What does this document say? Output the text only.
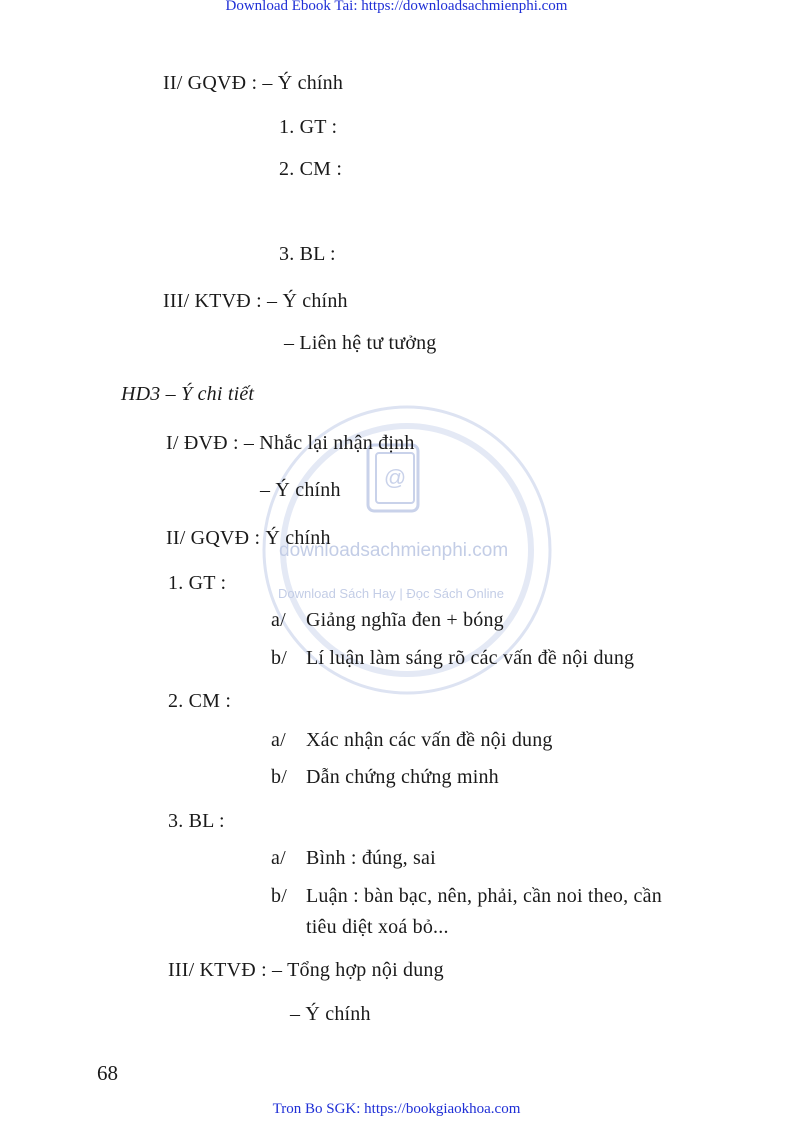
Download Ebook Tai: https://downloadsachmienphi.com
@
downloadsachmienphi.com
Download Sách Hay | Đọc Sách Online
II/ GQVĐ : – Ý chính
1. GT :
2. CM :
3. BL :
III/ KTVĐ : – Ý chính
– Liên hệ tư tưởng
HD3 – Ý chi tiết
I/ ĐVĐ : – Nhắc lại nhận định
– Ý chính
II/ GQVĐ : Ý chính
1. GT :
a/ Giảng nghĩa đen + bóng
b/ Lí luận làm sáng rõ các vấn đề nội dung
2. CM :
a/ Xác nhận các vấn đề nội dung
b/ Dẫn chứng chứng minh
3. BL :
a/ Bình : đúng, sai
b/ Luận : bàn bạc, nên, phải, cần noi theo, cần
tiêu diệt xoá bỏ...
III/ KTVĐ : – Tổng hợp nội dung
– Ý chính
68
Tron Bo SGK: https://bookgiaokhoa.com
